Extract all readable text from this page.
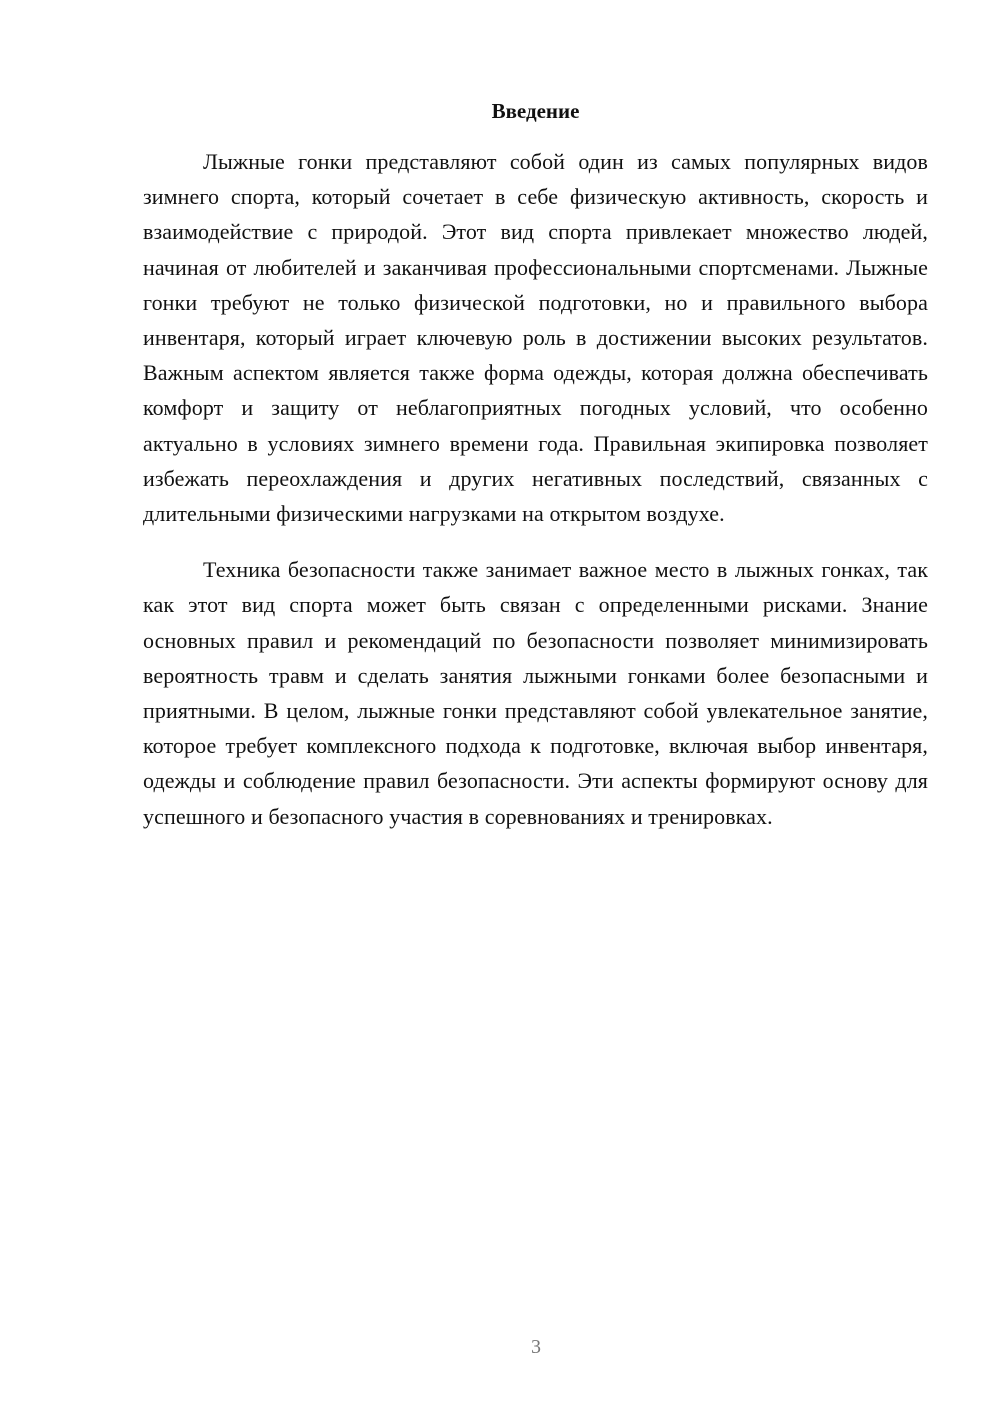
Введение

Лыжные гонки представляют собой один из самых популярных видов зимнего спорта, который сочетает в себе физическую активность, скорость и взаимодействие с природой. Этот вид спорта привлекает множество людей, начиная от любителей и заканчивая профессиональными спортсменами. Лыжные гонки требуют не только физической подготовки, но и правильного выбора инвентаря, который играет ключевую роль в достижении высоких результатов. Важным аспектом является также форма одежды, которая должна обеспечивать комфорт и защиту от неблагоприятных погодных условий, что особенно актуально в условиях зимнего времени года. Правильная экипировка позволяет избежать переохлаждения и других негативных последствий, связанных с длительными физическими нагрузками на открытом воздухе.

Техника безопасности также занимает важное место в лыжных гонках, так как этот вид спорта может быть связан с определенными рисками. Знание основных правил и рекомендаций по безопасности позволяет минимизировать вероятность травм и сделать занятия лыжными гонками более безопасными и приятными. В целом, лыжные гонки представляют собой увлекательное занятие, которое требует комплексного подхода к подготовке, включая выбор инвентаря, одежды и соблюдение правил безопасности. Эти аспекты формируют основу для успешного и безопасного участия в соревнованиях и тренировках.

3
